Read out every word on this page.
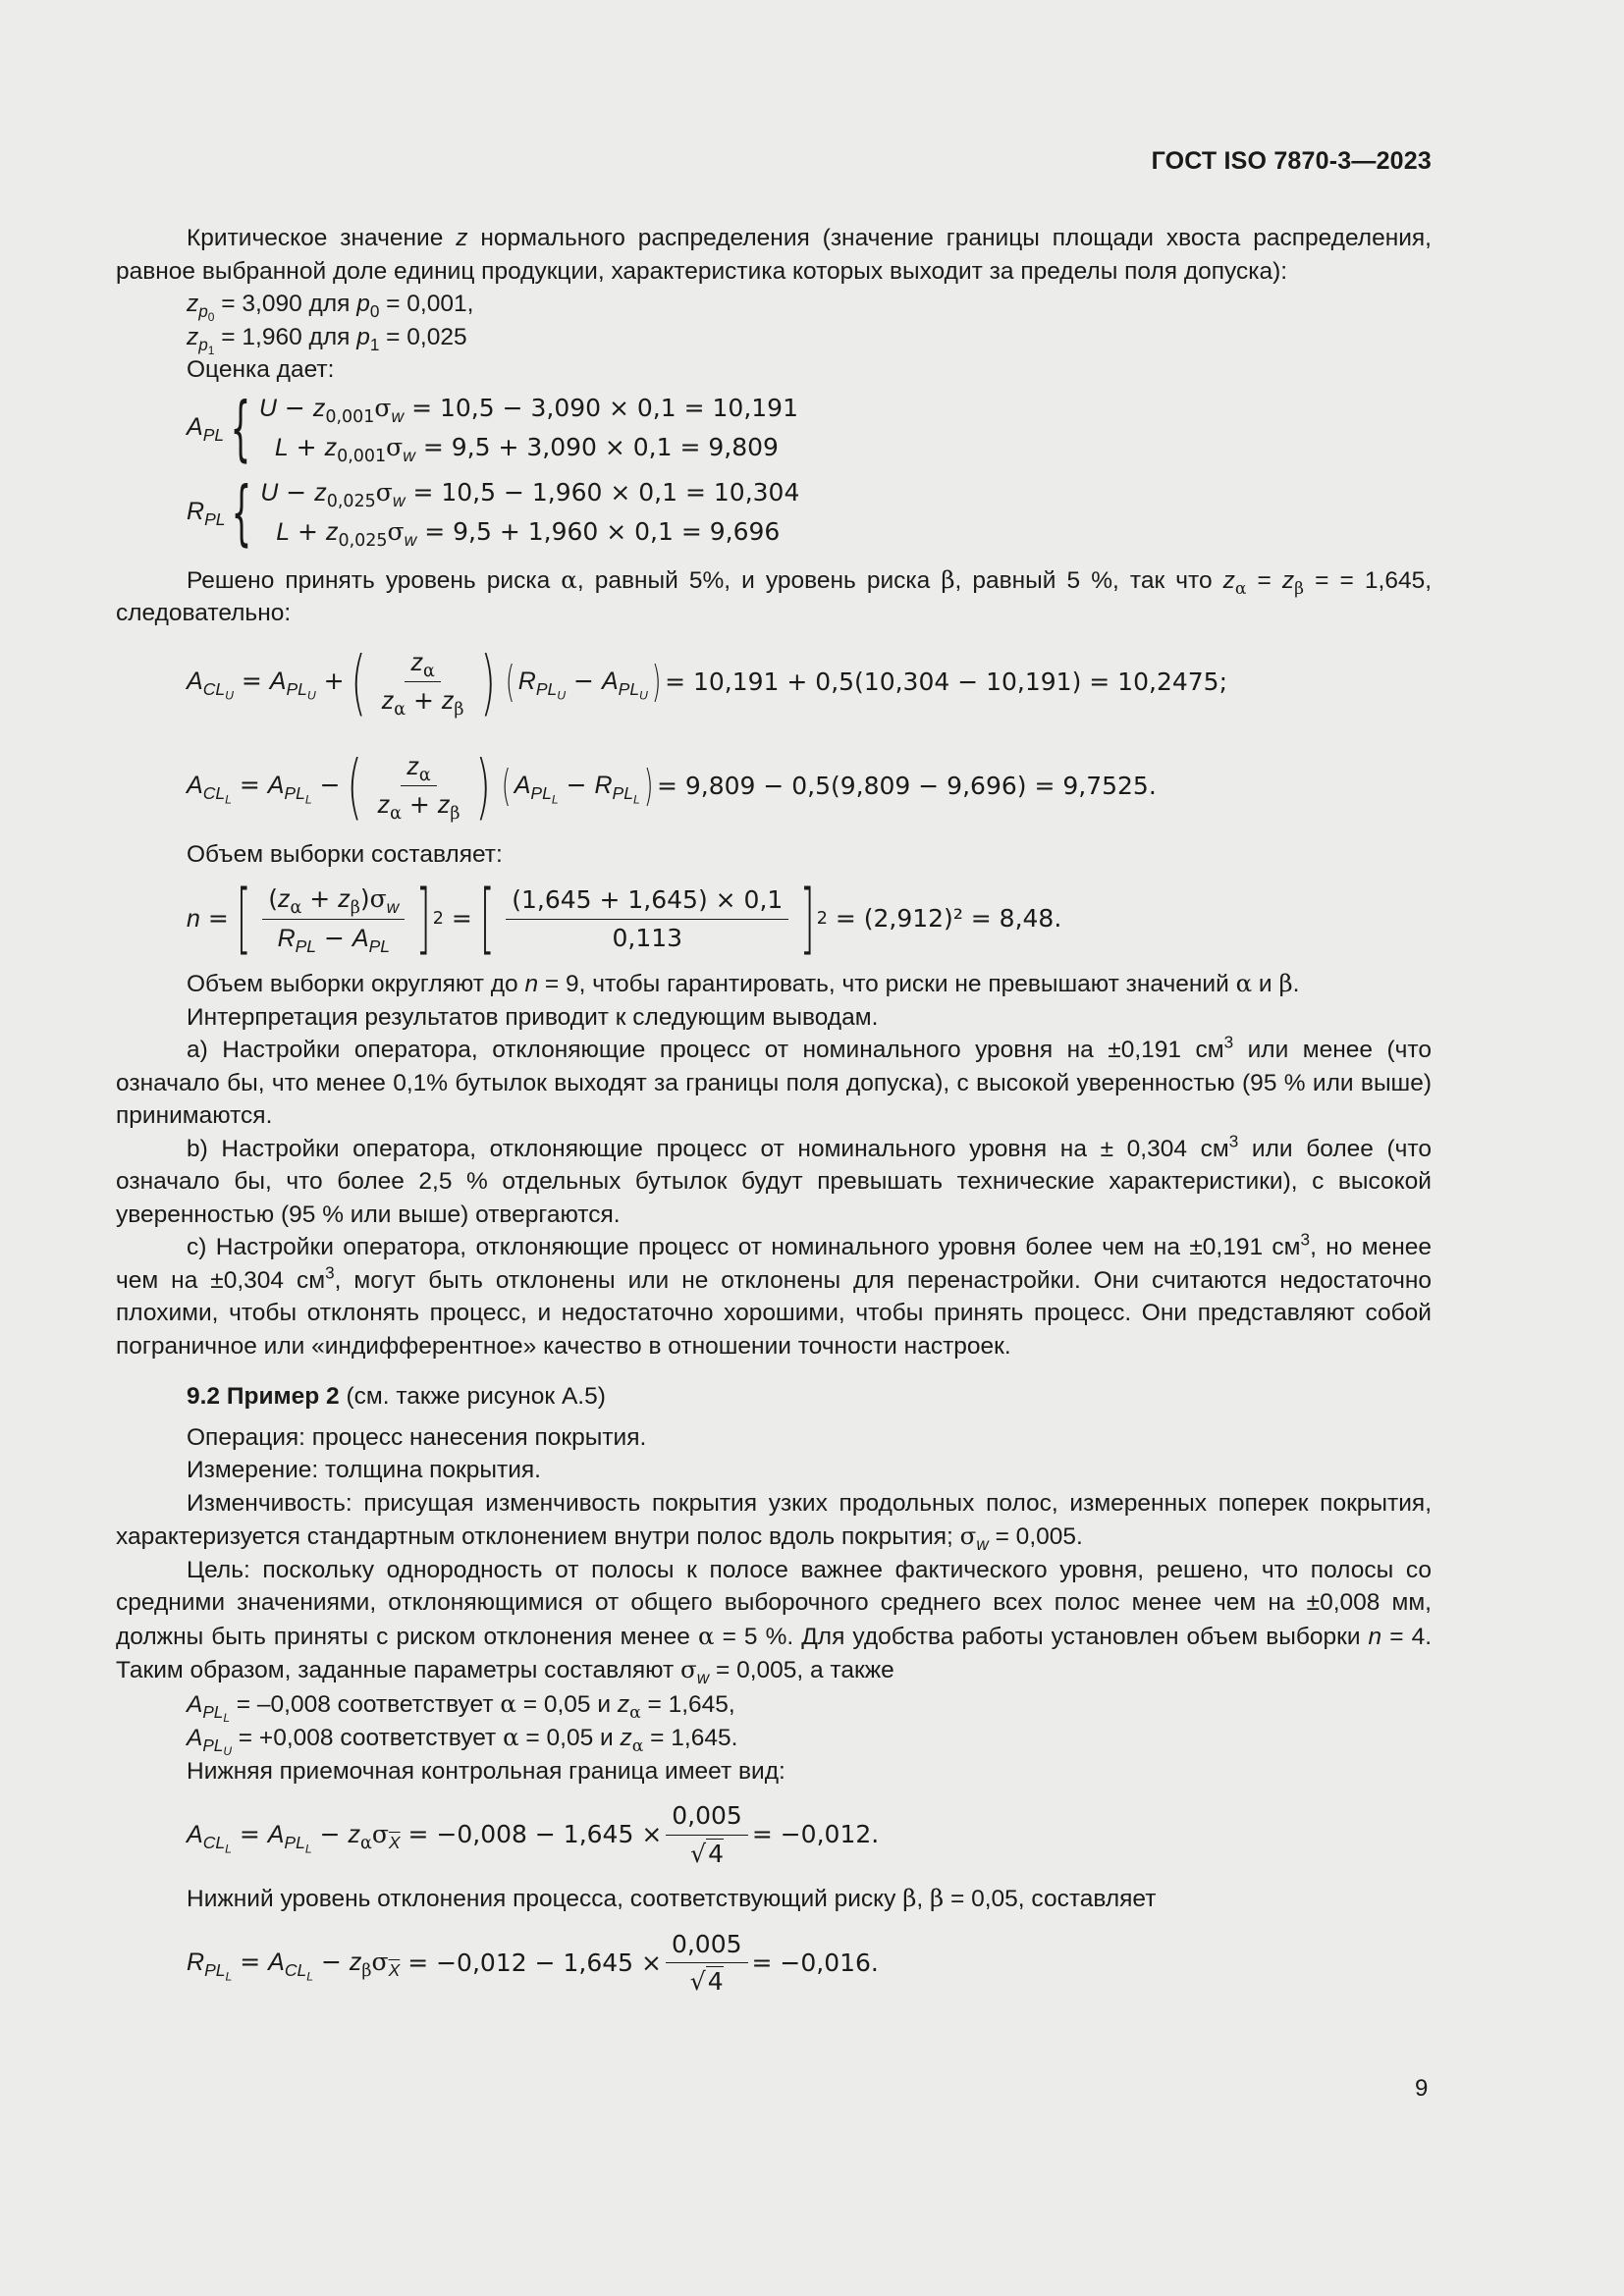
ГОСТ ISO 7870-3—2023

Критическое значение z нормального распределения (значение границы площади хвоста распределения, равное выбранной доле единиц продукции, характеристика которых выходит за пределы поля допуска):

$z_{p_0} = 3,090$ для $p_0 = 0,001$,

$z_{p_1} = 1,960$ для $p_1 = 0,025$

Оценка дает:

$A_{PL}$ { $U - z_{0,001}\sigma_w = 10,5 - 3,090 \times 0,1 = 10,191$
$L + z_{0,001}\sigma_w = 9,5 + 3,090 \times 0,1 = 9,809$
$R_{PL}$ { $U - z_{0,025}\sigma_w = 10,5 - 1,960 \times 0,1 = 10,304$
$L + z_{0,025}\sigma_w = 9,5 + 1,960 \times 0,1 = 9,696$

Решено принять уровень риска α, равный 5%, и уровень риска β, равный 5 %, так что $z_\alpha = z_\beta$ = = 1,645, следовательно:

$A_{CL_U} = A_{PL_U}$ + ( $\frac{z_\alpha}{z_\alpha + z_\beta}$ ) ( $R_{PL_U} - A_{PL_U}$ ) = 10,191 + 0,5(10,304 − 10,191) = 10,2475;
$A_{CL_L} = A_{PL_L}$ − ( $\frac{z_\alpha}{z_\alpha + z_\beta}$ ) ( $A_{PL_L} - R_{PL_L}$ ) = 9,809 − 0,5(9,809 − 9,696) = 9,7525.

Объем выборки составляет:

n = [ $\frac{(z_\alpha + z_\beta)\sigma_w}{R_{PL} - A_{PL}}$ ] 2 = [ $\frac{(1,645 + 1,645) \times 0,1}{0,113}$ ] 2
= (2,912)² = 8,48.

Объем выборки округляют до n = 9, чтобы гарантировать, что риски не превышают значений α и β.

Интерпретация результатов приводит к следующим выводам.

a) Настройки оператора, отклоняющие процесс от номинального уровня на ±0,191 $см^3$ или менее (что означало бы, что менее 0,1% бутылок выходят за границы поля допуска), с высокой уверенностью (95 % или выше) принимаются.

b) Настройки оператора, отклоняющие процесс от номинального уровня на ± 0,304 $см^3$ или более (что означало бы, что более 2,5 % отдельных бутылок будут превышать технические характеристики), с высокой уверенностью (95 % или выше) отвергаются.

c) Настройки оператора, отклоняющие процесс от номинального уровня более чем на ±0,191 $см^3$, но менее чем на ±0,304 $см^3$, могут быть отклонены или не отклонены для перенастройки. Они считаются недостаточно плохими, чтобы отклонять процесс, и недостаточно хорошими, чтобы принять процесс. Они представляют собой пограничное или «индифферентное» качество в отношении точности настроек.

9.2 Пример 2 (см. также рисунок А.5)

Операция: процесс нанесения покрытия.

Измерение: толщина покрытия.

Изменчивость: присущая изменчивость покрытия узких продольных полос, измеренных поперек покрытия, характеризуется стандартным отклонением внутри полос вдоль покрытия; $\sigma_w = 0,005$.

Цель: поскольку однородность от полосы к полосе важнее фактического уровня, решено, что полосы со средними значениями, отклоняющимися от общего выборочного среднего всех полос менее чем на ±0,008 мм, должны быть приняты с риском отклонения менее α = 5 %. Для удобства работы установлен объем выборки n = 4. Таким образом, заданные параметры составляют $\sigma_w = 0,005$, а также

$A_{PL_L} = -0,008$ соответствует α = 0,05 и $z_\alpha = 1,645$,

$A_{PL_U} = +0,008$ соответствует α = 0,05 и $z_\alpha = 1,645$.

Нижняя приемочная контрольная граница имеет вид:

$A_{CL_L} = A_{PL_L} - z_\alpha\sigma_{\overline{X}} = -0,008 - 1,645 \times \frac{0,005}{√4} = -0,012$.

Нижний уровень отклонения процесса, соответствующий риску β, β = 0,05, составляет

$R_{PL_L} = A_{CL_L} - z_\beta\sigma_{\overline{X}} = -0,012 - 1,645 \times \frac{0,005}{√4} = -0,016$.
9
